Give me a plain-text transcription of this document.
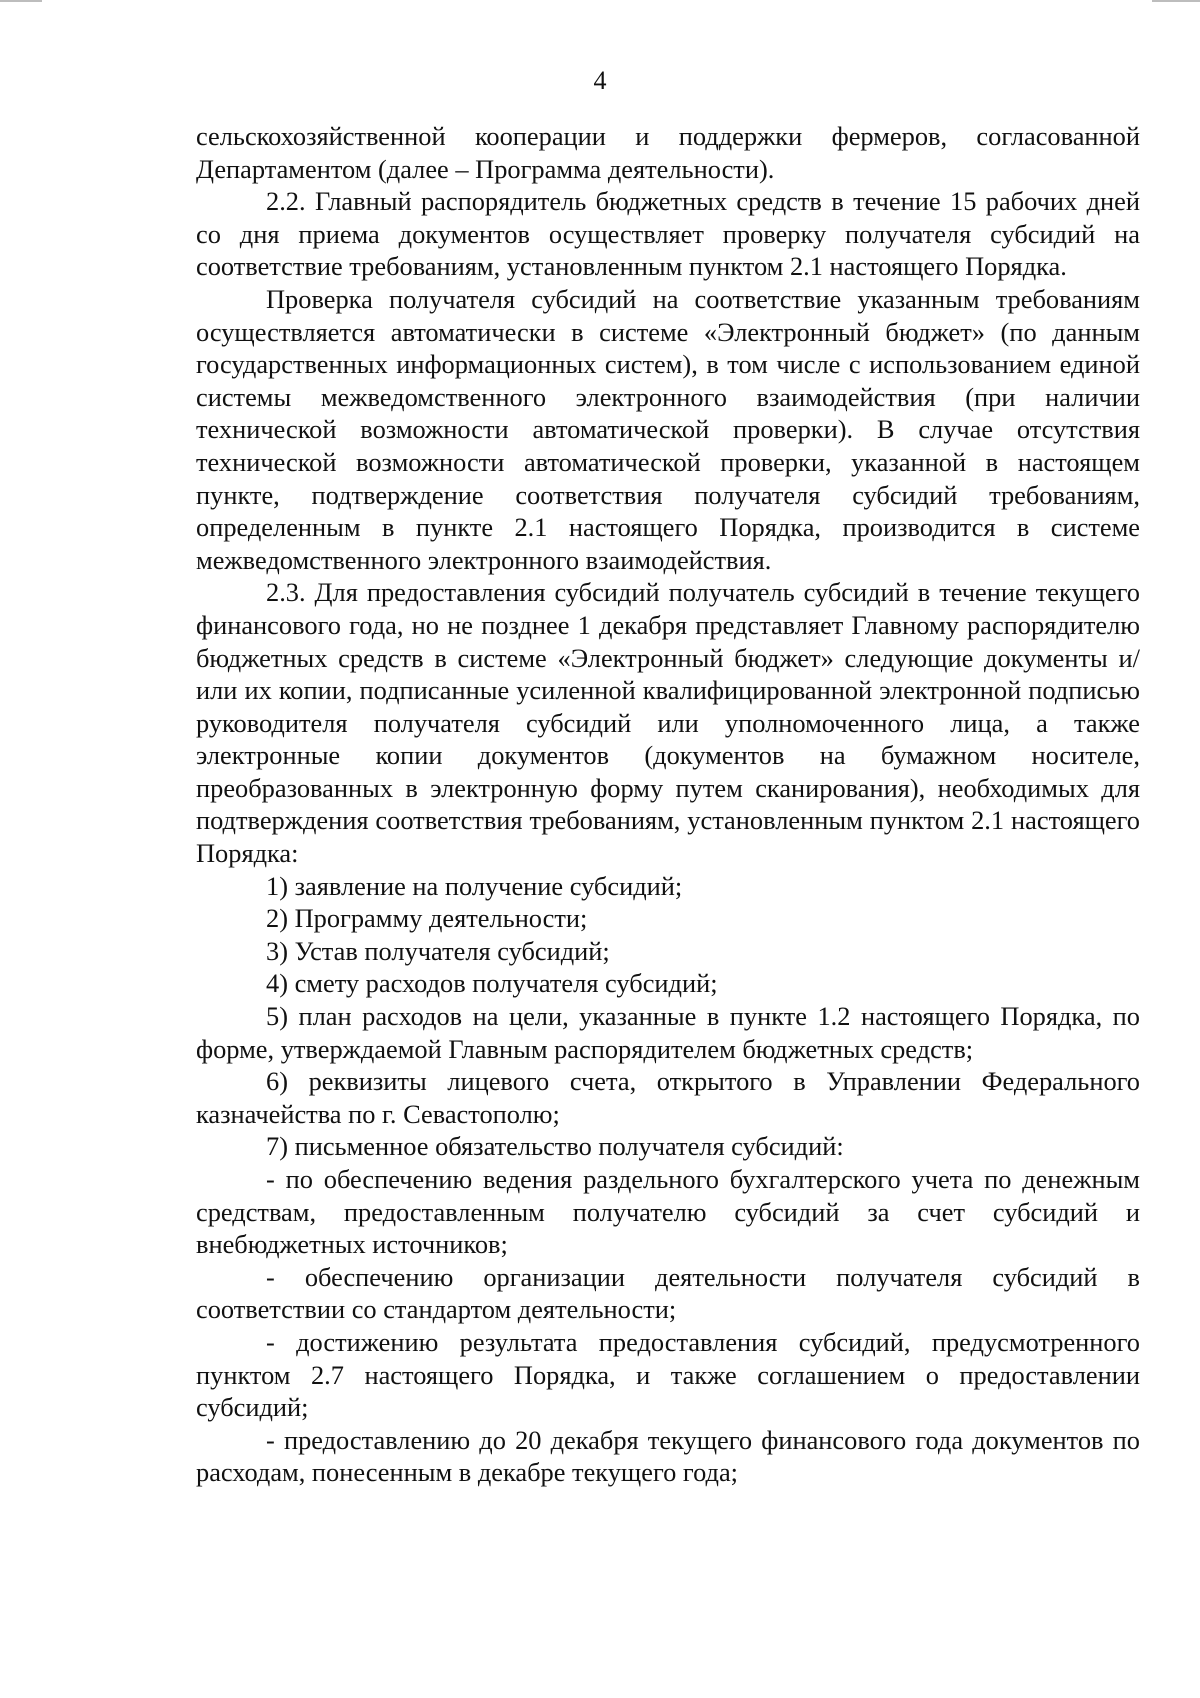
4

сельскохозяйственной кооперации и поддержки фермеров, согласованной Департаментом (далее – Программа деятельности).

2.2. Главный распорядитель бюджетных средств в течение 15 рабочих дней со дня приема документов осуществляет проверку получателя субсидий на соответствие требованиям, установленным пунктом 2.1 настоящего Порядка.

Проверка получателя субсидий на соответствие указанным требованиям осуществляется автоматически в системе «Электронный бюджет» (по данным государственных информационных систем), в том числе с использованием единой системы межведомственного электронного взаимодействия (при наличии технической возможности автоматической проверки). В случае отсутствия технической возможности автоматической проверки, указанной в настоящем пункте, подтверждение соответствия получателя субсидий требованиям, определенным в пункте 2.1 настоящего Порядка, производится в системе межведомственного электронного взаимодействия.

2.3. Для предоставления субсидий получатель субсидий в течение текущего финансового года, но не позднее 1 декабря представляет Главному распорядителю бюджетных средств в системе «Электронный бюджет» следующие документы и/или их копии, подписанные усиленной квалифицированной электронной подписью руководителя получателя субсидий или уполномоченного лица, а также электронные копии документов (документов на бумажном носителе, преобразованных в электронную форму путем сканирования), необходимых для подтверждения соответствия требованиям, установленным пунктом 2.1 настоящего Порядка:

1) заявление на получение субсидий;

2) Программу деятельности;

3) Устав получателя субсидий;

4) смету расходов получателя субсидий;

5) план расходов на цели, указанные в пункте 1.2 настоящего Порядка, по форме, утверждаемой Главным распорядителем бюджетных средств;

6) реквизиты лицевого счета, открытого в Управлении Федерального казначейства по г. Севастополю;

7) письменное обязательство получателя субсидий:

- по обеспечению ведения раздельного бухгалтерского учета по денежным средствам, предоставленным получателю субсидий за счет субсидий и внебюджетных источников;

- обеспечению организации деятельности получателя субсидий в соответствии со стандартом деятельности;

- достижению результата предоставления субсидий, предусмотренного пунктом 2.7 настоящего Порядка, и также соглашением о предоставлении субсидий;

- предоставлению до 20 декабря текущего финансового года документов по расходам, понесенным в декабре текущего года;
